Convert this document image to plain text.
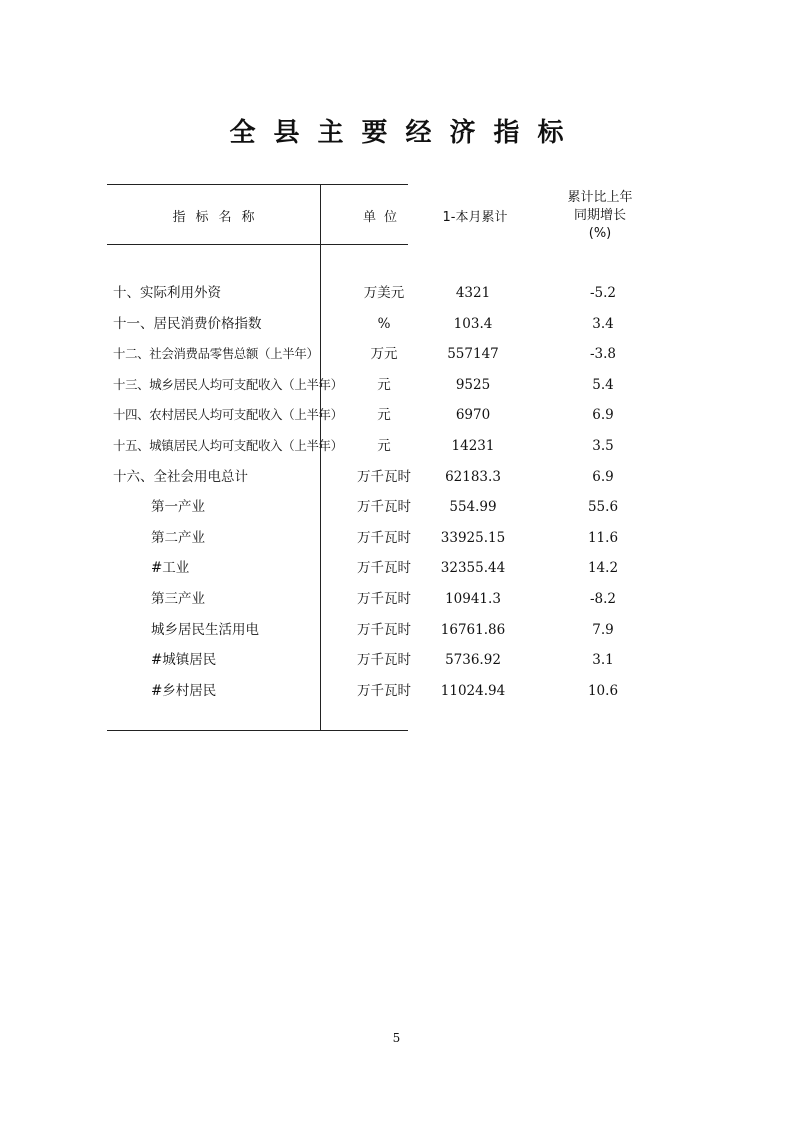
全县主要经济指标
指标名称	单位	1-本月累计
累计比上年
同期增长
(%)
十、实际利用外资	万美元	4321	-5.2
十一、居民消费价格指数	%	103.4	3.4
十二、社会消费品零售总额（上半年）	万元	557147	-3.8
十三、城乡居民人均可支配收入（上半年）	元	9525	5.4
十四、农村居民人均可支配收入（上半年）	元	6970	6.9
十五、城镇居民人均可支配收入（上半年）	元	14231	3.5
十六、全社会用电总计	万千瓦时	62183.3	6.9
第一产业	万千瓦时	554.99	55.6
第二产业	万千瓦时	33925.15	11.6
#工业	万千瓦时	32355.44	14.2
第三产业	万千瓦时	10941.3	-8.2
城乡居民生活用电	万千瓦时	16761.86	7.9
#城镇居民	万千瓦时	5736.92	3.1
#乡村居民	万千瓦时	11024.94	10.6
5
